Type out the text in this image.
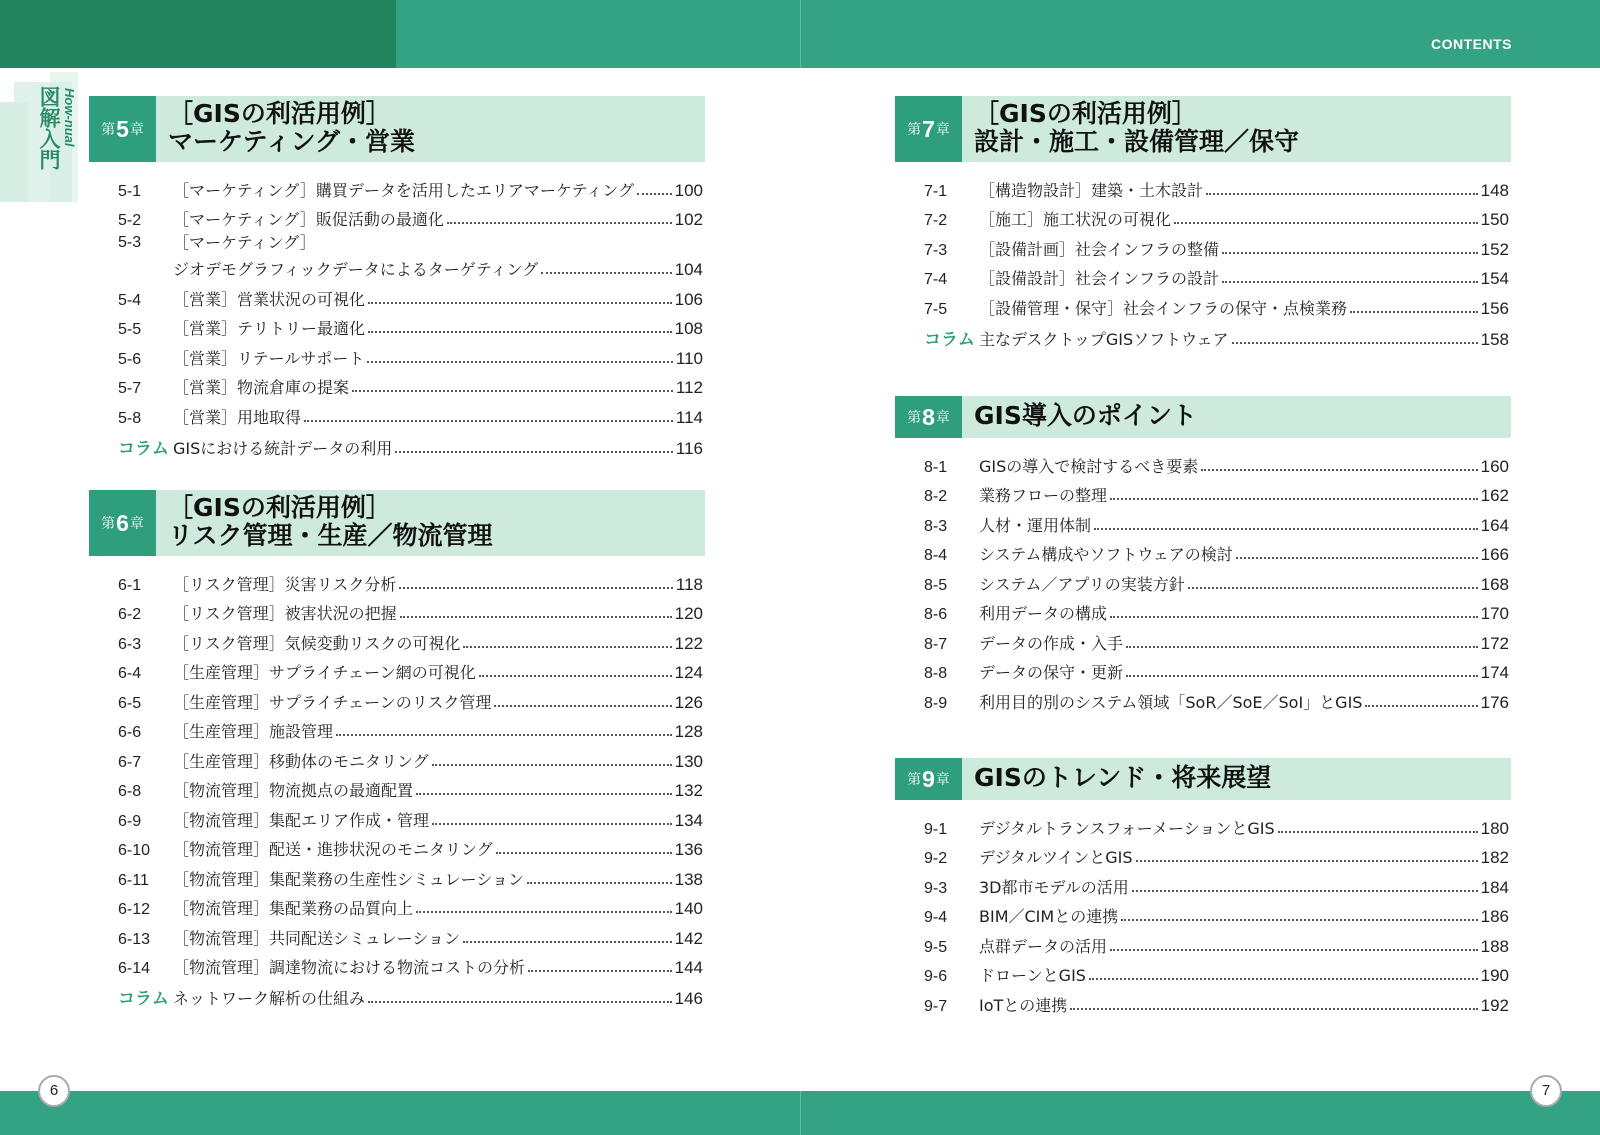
CONTENTS
図解入門 How-nual 第 5 章
［GISの利活用例］
マーケティング・営業
5-1	［マーケティング］購買データを活用したエリアマーケティング 100
5-2	［マーケティング］販促活動の最適化	102
5-3	［マーケティング］
ジオデモグラフィックデータによるターゲティング	104
5-4	［営業］営業状況の可視化	106
5-5	［営業］テリトリー最適化	108
5-6	［営業］リテールサポート	110
5-7	［営業］物流倉庫の提案	112
5-8	［営業］用地取得	114
コラム GISにおける統計データの利用	116
第 6 章
［GISの利活用例］
リスク管理・生産／物流管理
6-1	［リスク管理］災害リスク分析	118
6-2	［リスク管理］被害状況の把握	120
6-3	［リスク管理］気候変動リスクの可視化	122
6-4	［生産管理］サプライチェーン網の可視化	124
6-5	［生産管理］サプライチェーンのリスク管理	126
6-6	［生産管理］施設管理	128
6-7	［生産管理］移動体のモニタリング	130
6-8	［物流管理］物流拠点の最適配置	132
6-9	［物流管理］集配エリア作成・管理	134
6-10	［物流管理］配送・進捗状況のモニタリング	136
6-11	［物流管理］集配業務の生産性シミュレーション	138
6-12	［物流管理］集配業務の品質向上	140
6-13	［物流管理］共同配送シミュレーション	142
6-14	［物流管理］調達物流における物流コストの分析	144
コラム ネットワーク解析の仕組み	146
第 7 章
［GISの利活用例］
設計・施工・設備管理／保守
7-1	［構造物設計］建築・土木設計	148
7-2	［施工］施工状況の可視化	150
7-3	［設備計画］社会インフラの整備	152
7-4	［設備設計］社会インフラの設計	154
7-5	［設備管理・保守］社会インフラの保守・点検業務	156
コラム 主なデスクトップGISソフトウェア	158
第 8 章 GIS導入のポイント
8-1	GISの導入で検討するべき要素	160
8-2	業務フローの整理	162
8-3	人材・運用体制	164
8-4	システム構成やソフトウェアの検討	166
8-5	システム／アプリの実装方針	168
8-6	利用データの構成	170
8-7	データの作成・入手	172
8-8	データの保守・更新	174
8-9	利用目的別のシステム領域「SoR／SoE／SoI」とGIS	176
第 9 章 GISのトレンド・将来展望
9-1	デジタルトランスフォーメーションとGIS	180
9-2	デジタルツインとGIS	182
9-3	3D都市モデルの活用	184
9-4	BIM／CIMとの連携	186
9-5	点群データの活用	188
9-6	ドローンとGIS	190
9-7	IoTとの連携	192
6	7
